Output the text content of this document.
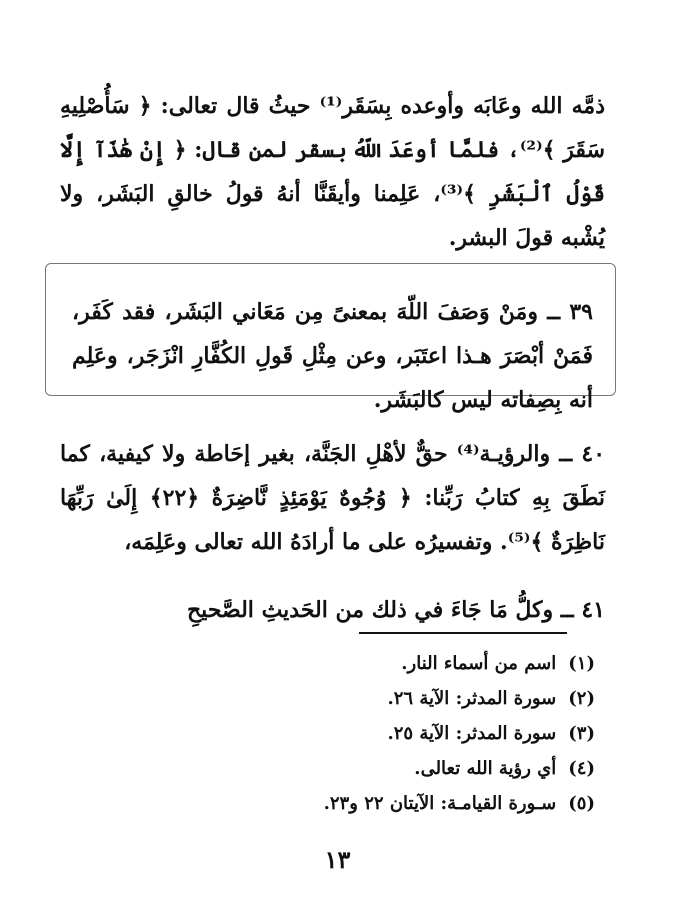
ذمَّه الله وعَابَه وأوعده بِسَقَر⁽¹⁾ حيثُ قال تعالى: ﴿ سَأُصْلِيهِ سَقَرَ ﴾⁽²⁾، فلمَّا أوعَدَ اللّهُ بسقر لمن قال: ﴿ إِنْ هَٰذَآ إِلَّا قَوْلُ ٱلْبَشَرِ ﴾⁽³⁾، عَلِمنا وأيقَنَّا أنهُ قولُ خالقِ البَشَر، ولا يُشْبه قولَ البشر.

٣٩ ــ ومَنْ وَصَفَ اللّهَ بمعنىً مِن مَعَاني البَشَر، فقد كَفَر، فَمَنْ أبْصَرَ هـذا اعتَبَر، وعن مِثْلِ قَولِ الكُفَّارِ انْزَجَر، وعَلِم أنه بِصِفاته ليس كالبَشَر.

٤٠ ــ والرؤيـة⁽⁴⁾ حقٌّ لأهْلِ الجَنَّة، بغير إحَاطة ولا كيفية، كما نَطَقَ بِهِ كتابُ رَبِّنا: ﴿ وُجُوهٌ يَوْمَئِذٍ نَّاضِرَةٌ ﴿٢٢﴾ إِلَىٰ رَبِّهَا نَاظِرَةٌ ﴾⁽⁵⁾. وتفسيرُه على ما أرادَهُ الله تعالى وعَلِمَه،

٤١ ــ وكلُّ مَا جَاءَ في ذلك من الحَديثِ الصَّحيحِ

(١)اسم من أسماء النار.
(٢)سورة المدثر: الآية ٢٦.
(٣)سورة المدثر: الآية ٢٥.
(٤)أي رؤية الله تعالى.
(٥)سـورة القيامـة: الآيتان ٢٢ و٢٣.
١٣
